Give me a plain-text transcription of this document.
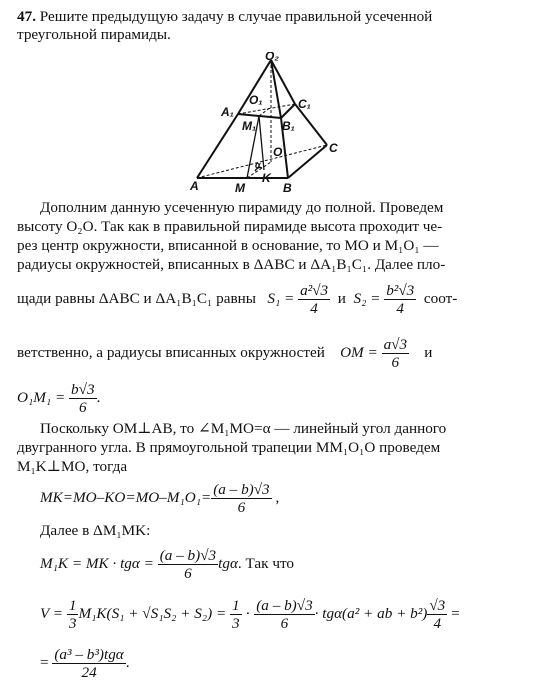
47. Решите предыдущую задачу в случае правильной усеченной
треугольной пирамиды.
O₂
O₁	C₁
A₁
M₁ B₁
O	C
A	M
K
B
α
Дополним данную усеченную пирамиду до полной. Проведем
высоту O₂O. Так как в правильной пирамиде высота проходит че-
рез центр окружности, вписанной в основание, то MO и M₁O₁ —
радиусы окружностей, вписанных в ΔABC и ΔA₁B₁C₁. Далее пло-
щади равны ΔABC и ΔA₁B₁C₁ равны $S_1 = \frac{\text{a²√3}}{4}$ и $S_2 = \frac{\text{b²√3}}{4}$ соот-
ветственно, а радиусы вписанных окружностей OM = $\frac{a√3}{6}$ и
$O_1M_1 = \frac{b√3}{6}$ .
Поскольку OM⊥AB, то ∠M₁MO=α — линейный угол данного
двугранного угла. В прямоугольной трапеции MM₁O₁O проведем
M₁K⊥MO, тогда
$MK=MO-KO=MO-M_1O_1= \frac{(a - b)√3}{6}$ ,
Далее в ΔM₁MK:
M₁K = MK · $tg\alpha = \frac{(a - b)√3}{6} tg\alpha$. Так что
$V = \frac{1}{3} M_1K(S_1 + √S_1S_2 + S_2) = \frac{1}{3} \cdot \frac{(a - b)√3}{6} \cdot tg\alpha(a^2$ + ab + $b^2) \frac{√3}{4}$ =
= $\frac{\text{(a³ – b³)tgα}}{24}$ .
